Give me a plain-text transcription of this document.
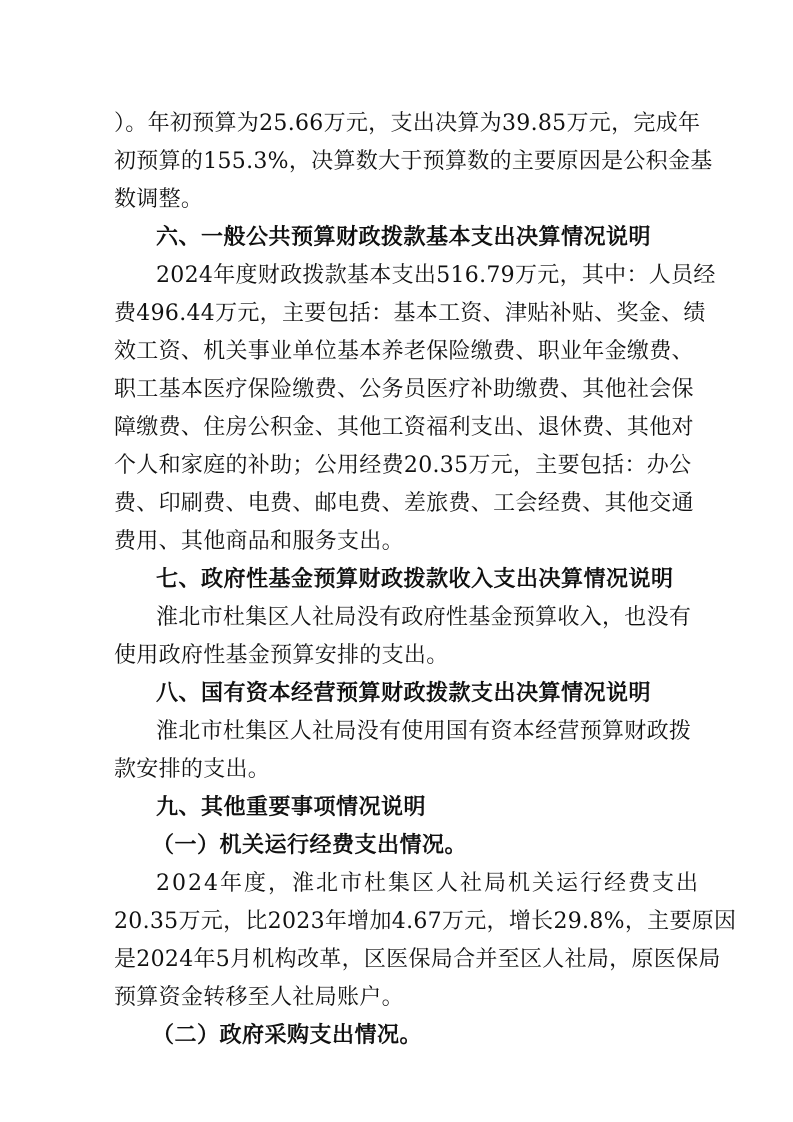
）。年初预算为25.66万元，支出决算为39.85万元，完成年
初预算的155.3%，决算数大于预算数的主要原因是公积金基
数调整。
六、一般公共预算财政拨款基本支出决算情况说明
2024年度财政拨款基本支出516.79万元，其中：人员经
费496.44万元，主要包括：基本工资、津贴补贴、奖金、绩
效工资、机关事业单位基本养老保险缴费、职业年金缴费、
职工基本医疗保险缴费、公务员医疗补助缴费、其他社会保
障缴费、住房公积金、其他工资福利支出、退休费、其他对
个人和家庭的补助；公用经费20.35万元，主要包括：办公
费、印刷费、电费、邮电费、差旅费、工会经费、其他交通
费用、其他商品和服务支出。
七、政府性基金预算财政拨款收入支出决算情况说明
淮北市杜集区人社局没有政府性基金预算收入，也没有
使用政府性基金预算安排的支出。
八、国有资本经营预算财政拨款支出决算情况说明
淮北市杜集区人社局没有使用国有资本经营预算财政拨
款安排的支出。
九、其他重要事项情况说明
（一）机关运行经费支出情况。
2024年度，淮北市杜集区人社局机关运行经费支出
20.35万元，比2023年增加4.67万元，增长29.8%，主要原因
是2024年5月机构改革，区医保局合并至区人社局，原医保局
预算资金转移至人社局账户。
（二）政府采购支出情况。
